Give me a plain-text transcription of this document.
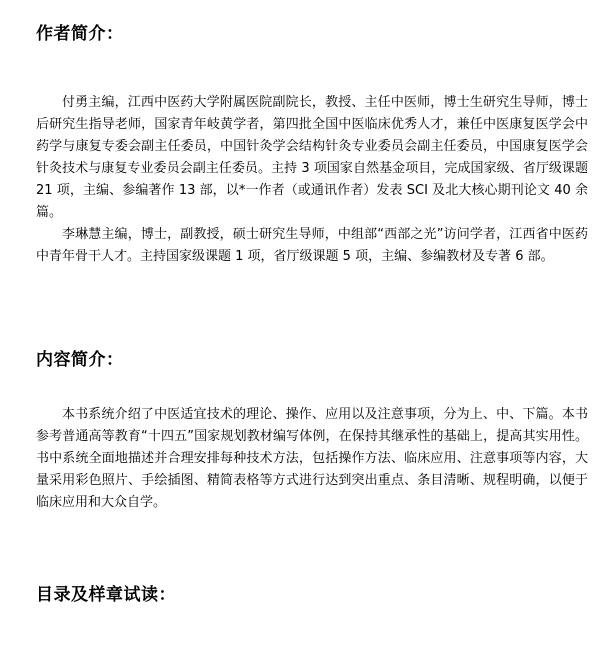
作者简介：

付勇主编，江西中医药大学附属医院副院长，教授、主任中医师，博士生研究生导师，博士后研究生指导老师，国家青年岐黄学者，第四批全国中医临床优秀人才，兼任中医康复医学会中药学与康复专委会副主任委员，中国针灸学会结构针灸专业委员会副主任委员，中国康复医学会针灸技术与康复专业委员会副主任委员。主持 3 项国家自然基金项目，完成国家级、省厅级课题 21 项，主编、参编著作 13 部，以*一作者（或通讯作者）发表 SCI 及北大核心期刊论文 40 余篇。

李琳慧主编，博士，副教授，硕士研究生导师，中组部“西部之光”访问学者，江西省中医药中青年骨干人才。主持国家级课题 1 项，省厅级课题 5 项，主编、参编教材及专著 6 部。

内容简介：

本书系统介绍了中医适宜技术的理论、操作、应用以及注意事项，分为上、中、下篇。本书参考普通高等教育“十四五”国家规划教材编写体例，在保持其继承性的基础上，提高其实用性。书中系统全面地描述并合理安排每种技术方法，包括操作方法、临床应用、注意事项等内容，大量采用彩色照片、手绘插图、精简表格等方式进行达到突出重点、条目清晰、规程明确，以便于临床应用和大众自学。

目录及样章试读：
